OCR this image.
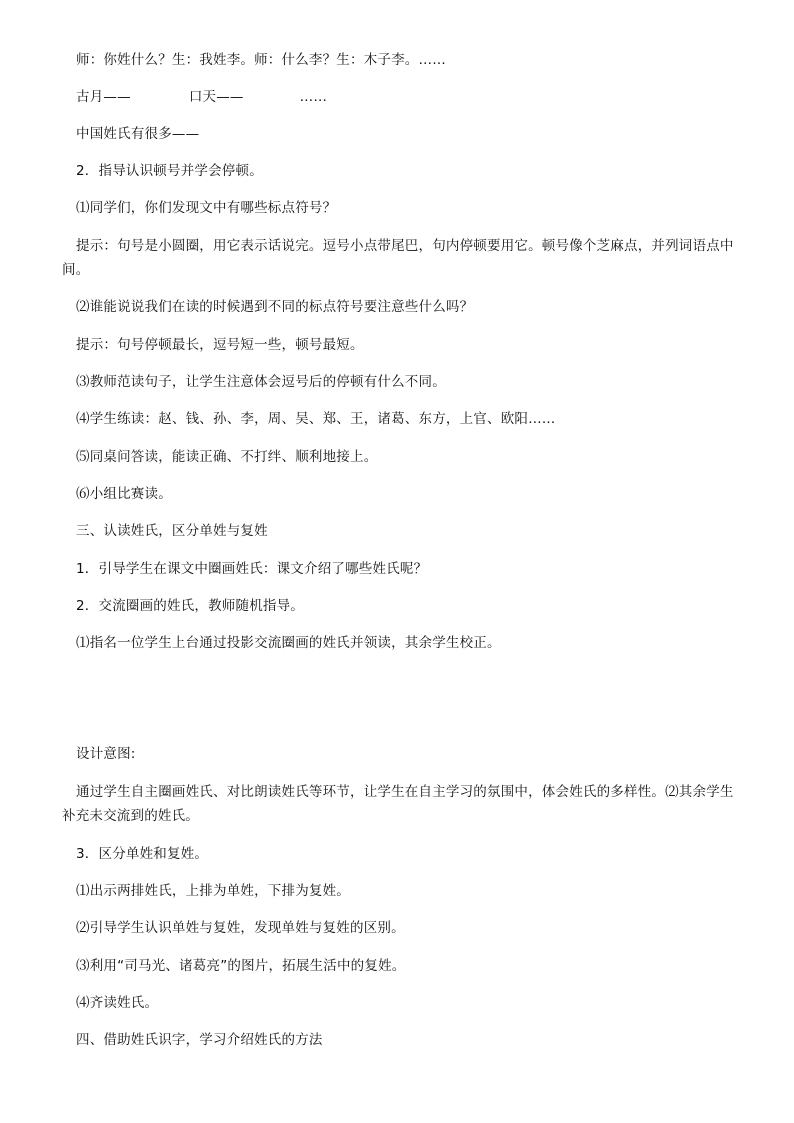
师：你姓什么？生：我姓李。师：什么李？生：木子李。……
古月——	口天——	……
中国姓氏有很多——
2．指导认识顿号并学会停顿。
⑴同学们，你们发现文中有哪些标点符号？
提示：句号是小圆圈，用它表示话说完。逗号小点带尾巴，句内停顿要用它。顿号像个芝麻点，并列词语点中
间。
⑵谁能说说我们在读的时候遇到不同的标点符号要注意些什么吗？
提示：句号停顿最长，逗号短一些，顿号最短。
⑶教师范读句子，让学生注意体会逗号后的停顿有什么不同。
⑷学生练读：赵、钱、孙、李，周、吴、郑、王，诸葛、东方，上官、欧阳……
⑸同桌问答读，能读正确、不打绊、顺利地接上。
⑹小组比赛读。
三、认读姓氏，区分单姓与复姓
1．引导学生在课文中圈画姓氏：课文介绍了哪些姓氏呢？
2．交流圈画的姓氏，教师随机指导。
⑴指名一位学生上台通过投影交流圈画的姓氏并领读，其余学生校正。
设计意图:
通过学生自主圈画姓氏、对比朗读姓氏等环节，让学生在自主学习的氛围中，体会姓氏的多样性。⑵其余学生
补充未交流到的姓氏。
3．区分单姓和复姓。
⑴出示两排姓氏，上排为单姓，下排为复姓。
⑵引导学生认识单姓与复姓，发现单姓与复姓的区别。
⑶利用“司马光、诸葛亮”的图片，拓展生活中的复姓。
⑷齐读姓氏。
四、借助姓氏识字，学习介绍姓氏的方法
